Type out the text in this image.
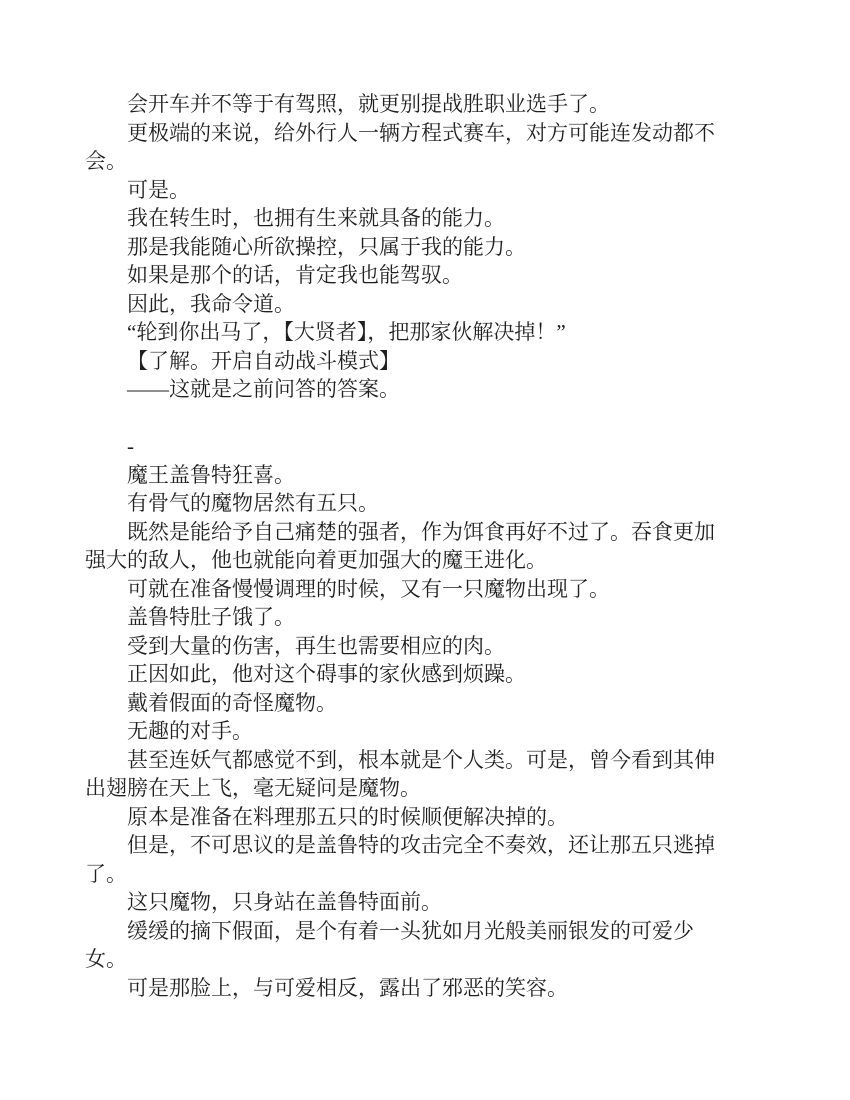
会开车并不等于有驾照，就更别提战胜职业选手了。

更极端的来说，给外行人一辆方程式赛车，对方可能连发动都不会。

可是。

我在转生时，也拥有生来就具备的能力。

那是我能随心所欲操控，只属于我的能力。

如果是那个的话，肯定我也能驾驭。

因此，我命令道。

“轮到你出马了，【大贤者】，把那家伙解决掉！”

【了解。开启自动战斗模式】

——这就是之前问答的答案。

-

魔王盖鲁特狂喜。

有骨气的魔物居然有五只。

既然是能给予自己痛楚的强者，作为饵食再好不过了。吞食更加强大的敌人，他也就能向着更加强大的魔王进化。

可就在准备慢慢调理的时候，又有一只魔物出现了。

盖鲁特肚子饿了。

受到大量的伤害，再生也需要相应的肉。

正因如此，他对这个碍事的家伙感到烦躁。

戴着假面的奇怪魔物。

无趣的对手。

甚至连妖气都感觉不到，根本就是个人类。可是，曾今看到其伸出翅膀在天上飞，毫无疑问是魔物。

原本是准备在料理那五只的时候顺便解决掉的。

但是，不可思议的是盖鲁特的攻击完全不奏效，还让那五只逃掉了。

这只魔物，只身站在盖鲁特面前。

缓缓的摘下假面，是个有着一头犹如月光般美丽银发的可爱少女。

可是那脸上，与可爱相反，露出了邪恶的笑容。
